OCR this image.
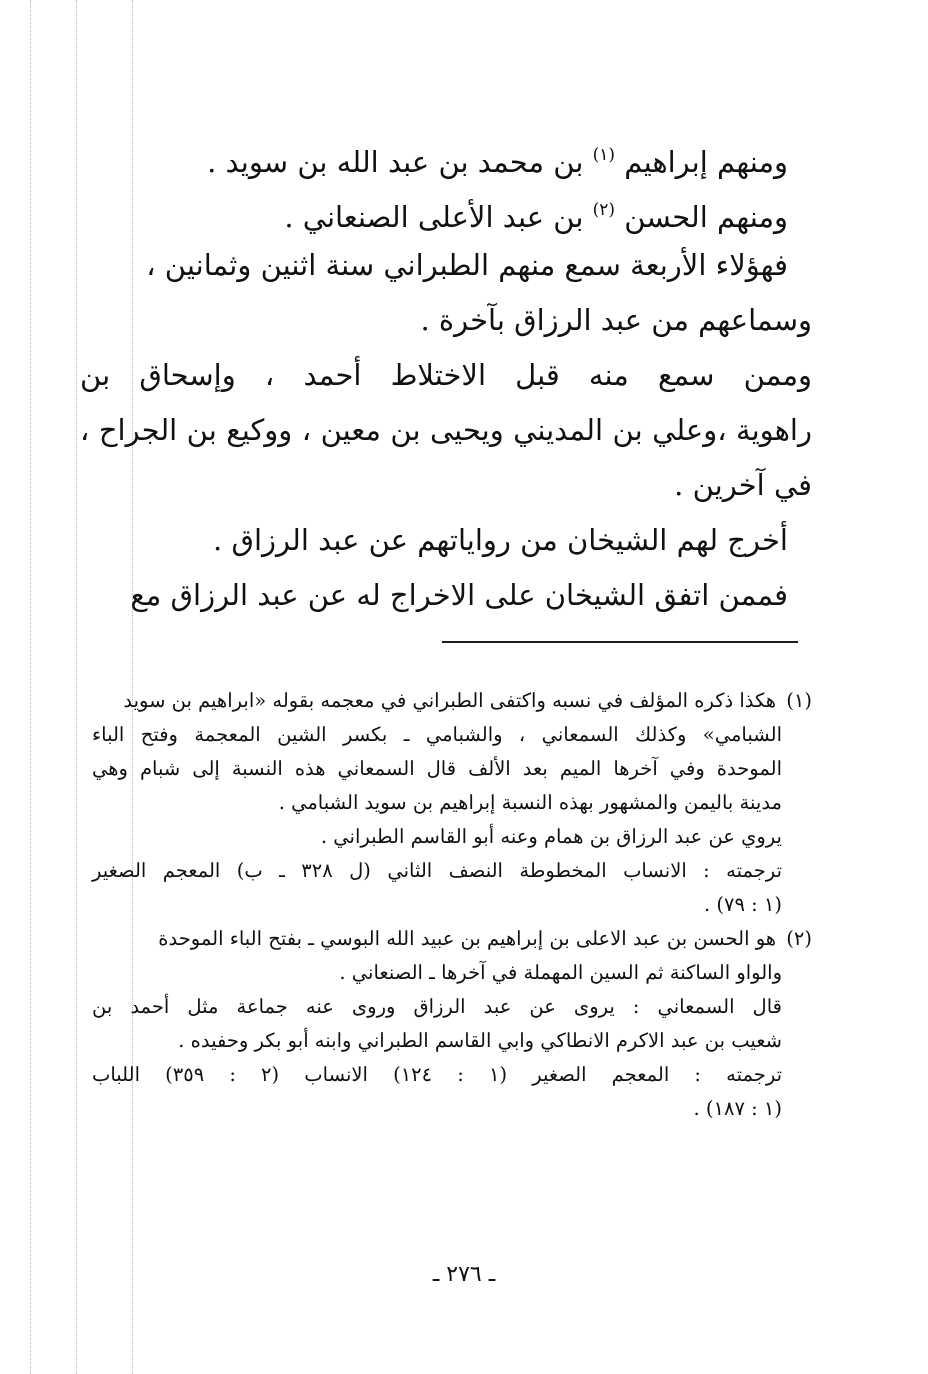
ومنهم إبراهيم $^{(١)}$ بن محمد بن عبد الله بن سويد .
ومنهم الحسن $^{(٢)}$ بن عبد الأعلى الصنعاني .
فهؤلاء الأربعة سمع منهم الطبراني سنة اثنين وثمانين ،
وسماعهم من عبد الرزاق بآخرة .
وممن سمع منه قبل الاختلاط أحمد ، وإسحاق بن
راهوية ،وعلي بن المديني ويحيى بن معين ، ووكيع بن الجراح ،
في آخرين .
أخرج لهم الشيخان من رواياتهم عن عبد الرزاق .
فممن اتفق الشيخان على الاخراج له عن عبد الرزاق مع
(١) هكذا ذكره المؤلف في نسبه واكتفى الطبراني في معجمه بقوله «ابراهيم بن سويد
الشبامي» وكذلك السمعاني ، والشبامي ـ بكسر الشين المعجمة وفتح الباء
الموحدة وفي آخرها الميم بعد الألف قال السمعاني هذه النسبة إلى شبام وهي
مدينة باليمن والمشهور بهذه النسبة إبراهيم بن سويد الشبامي .
يروي عن عبد الرزاق بن همام وعنه أبو القاسم الطبراني .
ترجمته : الانساب المخطوطة النصف الثاني (ل ٣٢٨ ـ ب) المعجم الصغير
(١ : ٧٩) .
(٢) هو الحسن بن عبد الاعلى بن إبراهيم بن عبيد الله البوسي ـ بفتح الباء الموحدة
والواو الساكنة ثم السين المهملة في آخرها ـ الصنعاني .
قال السمعاني : يروى عن عبد الرزاق وروى عنه جماعة مثل أحمد بن
شعيب بن عبد الاكرم الانطاكي وابي القاسم الطبراني وابنه أبو بكر وحفيده .
ترجمته : المعجم الصغير (١ : ١٢٤) الانساب (٢ : ٣٥٩) اللباب
(١ : ١٨٧) .
ـ ٢٧٦ ـ
